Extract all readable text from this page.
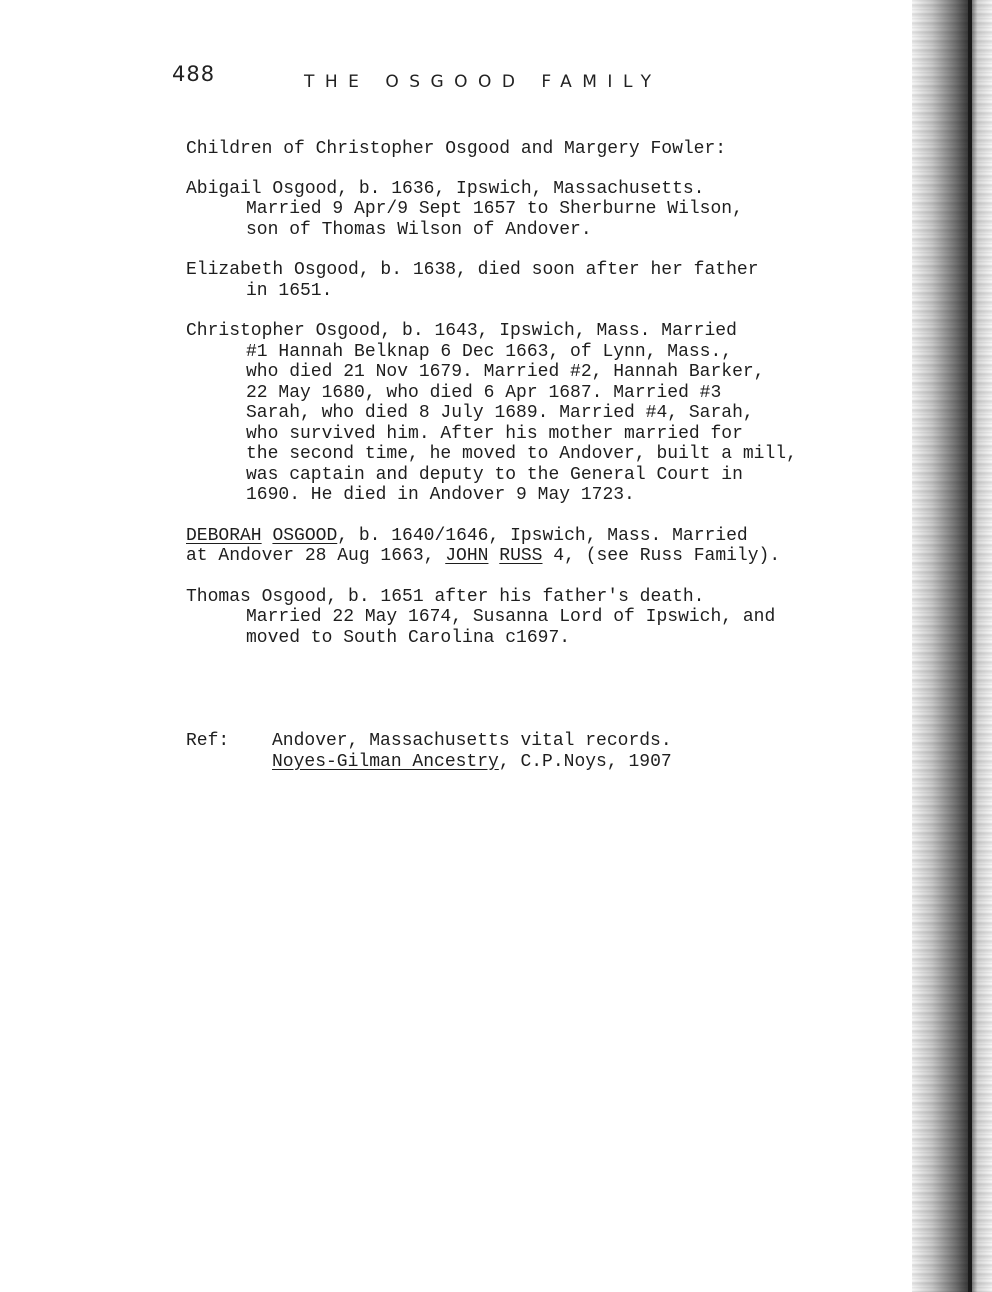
488	THE OSGOOD FAMILY
Children of Christopher Osgood and Margery Fowler:
Abigail Osgood, b. 1636, Ipswich, Massachusetts.
Married 9 Apr/9 Sept 1657 to Sherburne Wilson,
son of Thomas Wilson of Andover.
Elizabeth Osgood, b. 1638, died soon after her father
in 1651.
Christopher Osgood, b. 1643, Ipswich, Mass. Married
#1 Hannah Belknap 6 Dec 1663, of Lynn, Mass.,
who died 21 Nov 1679. Married #2, Hannah Barker,
22 May 1680, who died 6 Apr 1687. Married #3
Sarah, who died 8 July 1689. Married #4, Sarah,
who survived him. After his mother married for
the second time, he moved to Andover, built a mill,
was captain and deputy to the General Court in
1690. He died in Andover 9 May 1723.
DEBORAH OSGOOD, b. 1640/1646, Ipswich, Mass. Married
at Andover 28 Aug 1663, JOHN RUSS 4, (see Russ Family).
Thomas Osgood, b. 1651 after his father's death.
Married 22 May 1674, Susanna Lord of Ipswich, and
moved to South Carolina c1697.
Ref:	Andover, Massachusetts vital records.
Noyes-Gilman Ancestry, C.P.Noys, 1907
